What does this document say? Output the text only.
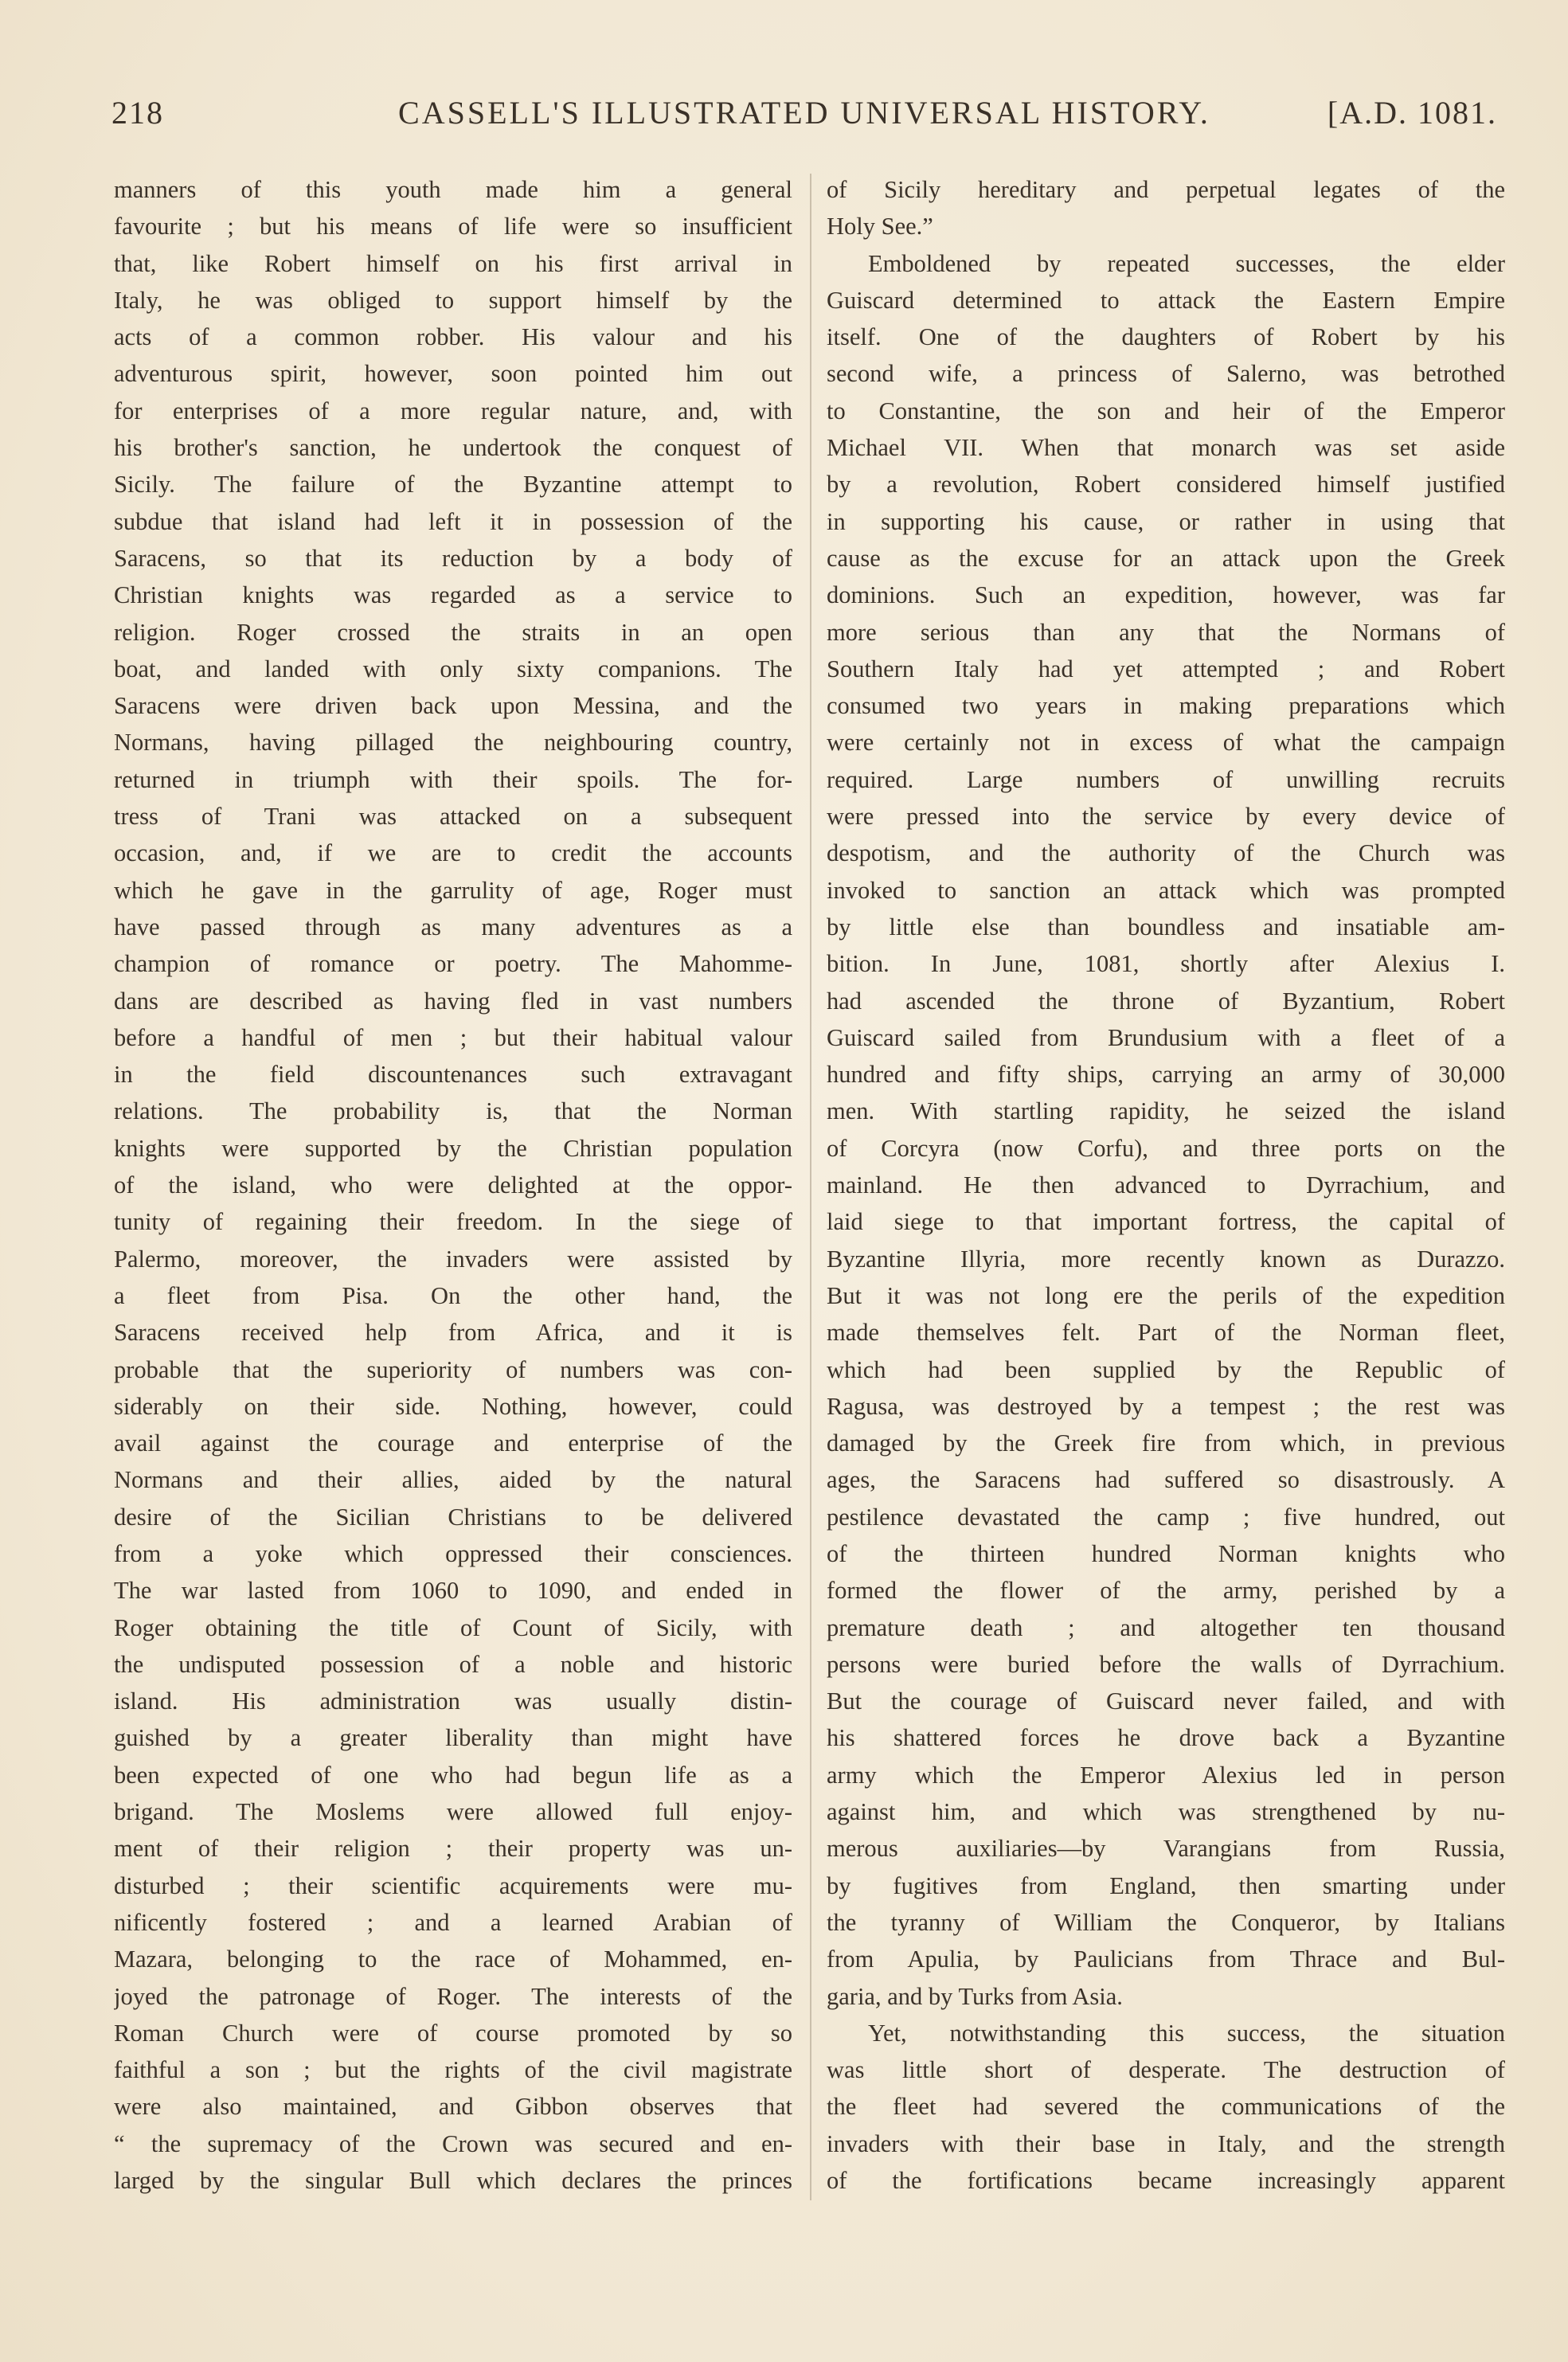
218	CASSELL'S ILLUSTRATED UNIVERSAL HISTORY.	[A.D. 1081.
manners of this youth made him a general
favourite ; but his means of life were so insufficient
that, like Robert himself on his first arrival in
Italy, he was obliged to support himself by the
acts of a common robber. His valour and his
adventurous spirit, however, soon pointed him out
for enterprises of a more regular nature, and, with
his brother's sanction, he undertook the conquest of
Sicily. The failure of the Byzantine attempt to
subdue that island had left it in possession of the
Saracens, so that its reduction by a body of
Christian knights was regarded as a service to
religion. Roger crossed the straits in an open
boat, and landed with only sixty companions. The
Saracens were driven back upon Messina, and the
Normans, having pillaged the neighbouring country,
returned in triumph with their spoils. The for-
tress of Trani was attacked on a subsequent
occasion, and, if we are to credit the accounts
which he gave in the garrulity of age, Roger must
have passed through as many adventures as a
champion of romance or poetry. The Mahomme-
dans are described as having fled in vast numbers
before a handful of men ; but their habitual valour
in the field discountenances such extravagant
relations. The probability is, that the Norman
knights were supported by the Christian population
of the island, who were delighted at the oppor-
tunity of regaining their freedom. In the siege of
Palermo, moreover, the invaders were assisted by
a fleet from Pisa. On the other hand, the
Saracens received help from Africa, and it is
probable that the superiority of numbers was con-
siderably on their side. Nothing, however, could
avail against the courage and enterprise of the
Normans and their allies, aided by the natural
desire of the Sicilian Christians to be delivered
from a yoke which oppressed their consciences.
The war lasted from 1060 to 1090, and ended in
Roger obtaining the title of Count of Sicily, with
the undisputed possession of a noble and historic
island. His administration was usually distin-
guished by a greater liberality than might have
been expected of one who had begun life as a
brigand. The Moslems were allowed full enjoy-
ment of their religion ; their property was un-
disturbed ; their scientific acquirements were mu-
nificently fostered ; and a learned Arabian of
Mazara, belonging to the race of Mohammed, en-
joyed the patronage of Roger. The interests of the
Roman Church were of course promoted by so
faithful a son ; but the rights of the civil magistrate
were also maintained, and Gibbon observes that
“ the supremacy of the Crown was secured and en-
larged by the singular Bull which declares the princes
of Sicily hereditary and perpetual legates of the
Holy See.”
Emboldened by repeated successes, the elder
Guiscard determined to attack the Eastern Empire
itself. One of the daughters of Robert by his
second wife, a princess of Salerno, was betrothed
to Constantine, the son and heir of the Emperor
Michael VII. When that monarch was set aside
by a revolution, Robert considered himself justified
in supporting his cause, or rather in using that
cause as the excuse for an attack upon the Greek
dominions. Such an expedition, however, was far
more serious than any that the Normans of
Southern Italy had yet attempted ; and Robert
consumed two years in making preparations which
were certainly not in excess of what the campaign
required. Large numbers of unwilling recruits
were pressed into the service by every device of
despotism, and the authority of the Church was
invoked to sanction an attack which was prompted
by little else than boundless and insatiable am-
bition. In June, 1081, shortly after Alexius I.
had ascended the throne of Byzantium, Robert
Guiscard sailed from Brundusium with a fleet of a
hundred and fifty ships, carrying an army of 30,000
men. With startling rapidity, he seized the island
of Corcyra (now Corfu), and three ports on the
mainland. He then advanced to Dyrrachium, and
laid siege to that important fortress, the capital of
Byzantine Illyria, more recently known as Durazzo.
But it was not long ere the perils of the expedition
made themselves felt. Part of the Norman fleet,
which had been supplied by the Republic of
Ragusa, was destroyed by a tempest ; the rest was
damaged by the Greek fire from which, in previous
ages, the Saracens had suffered so disastrously. A
pestilence devastated the camp ; five hundred, out
of the thirteen hundred Norman knights who
formed the flower of the army, perished by a
premature death ; and altogether ten thousand
persons were buried before the walls of Dyrrachium.
But the courage of Guiscard never failed, and with
his shattered forces he drove back a Byzantine
army which the Emperor Alexius led in person
against him, and which was strengthened by nu-
merous auxiliaries—by Varangians from Russia,
by fugitives from England, then smarting under
the tyranny of William the Conqueror, by Italians
from Apulia, by Paulicians from Thrace and Bul-
garia, and by Turks from Asia.
Yet, notwithstanding this success, the situation
was little short of desperate. The destruction of
the fleet had severed the communications of the
invaders with their base in Italy, and the strength
of the fortifications became increasingly apparent
